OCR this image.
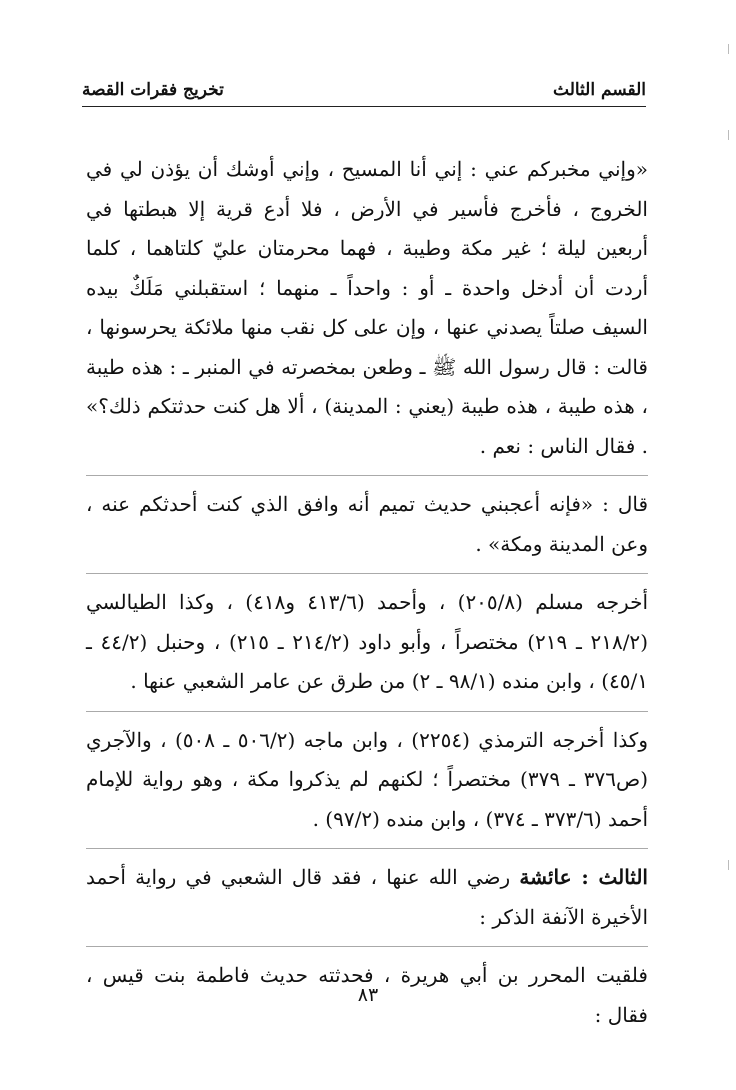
القسم الثالث
تخريج فقرات القصة

«وإني مخبركم عني : إني أنا المسيح ، وإني أوشك أن يؤذن لي في الخروج ، فأخرج فأسير في الأرض ، فلا أدع قرية إلا هبطتها في أربعين ليلة ؛ غير مكة وطيبة ، فهما محرمتان عليّ كلتاهما ، كلما أردت أن أدخل واحدة ـ أو : واحداً ـ منهما ؛ استقبلني مَلَكٌ بيده السيف صلتاً يصدني عنها ، وإن على كل نقب منها ملائكة يحرسونها ، قالت : قال رسول الله ﷺ ـ وطعن بمخصرته في المنبر ـ : هذه طيبة ، هذه طيبة ، هذه طيبة (يعني : المدينة) ، ألا هل كنت حدثتكم ذلك؟» . فقال الناس : نعم .

قال : «فإنه أعجبني حديث تميم أنه وافق الذي كنت أحدثكم عنه ، وعن المدينة ومكة» .

أخرجه مسلم (٢٠٥/٨) ، وأحمد (٤١٣/٦ و٤١٨) ، وكذا الطيالسي (٢١٨/٢ ـ ٢١٩) مختصراً ، وأبو داود (٢١٤/٢ ـ ٢١٥) ، وحنبل (٤٤/٢ ـ ٤٥/١) ، وابن منده (٩٨/١ ـ ٢) من طرق عن عامر الشعبي عنها .

وكذا أخرجه الترمذي (٢٢٥٤) ، وابن ماجه (٥٠٦/٢ ـ ٥٠٨) ، والآجري (ص٣٧٦ ـ ٣٧٩) مختصراً ؛ لكنهم لم يذكروا مكة ، وهو رواية للإمام أحمد (٣٧٣/٦ ـ ٣٧٤) ، وابن منده (٩٧/٢) .

الثالث : عائشة رضي الله عنها ، فقد قال الشعبي في رواية أحمد الأخيرة الآنفة الذكر :

فلقيت المحرر بن أبي هريرة ، فحدثته حديث فاطمة بنت قيس ، فقال :

٨٣
